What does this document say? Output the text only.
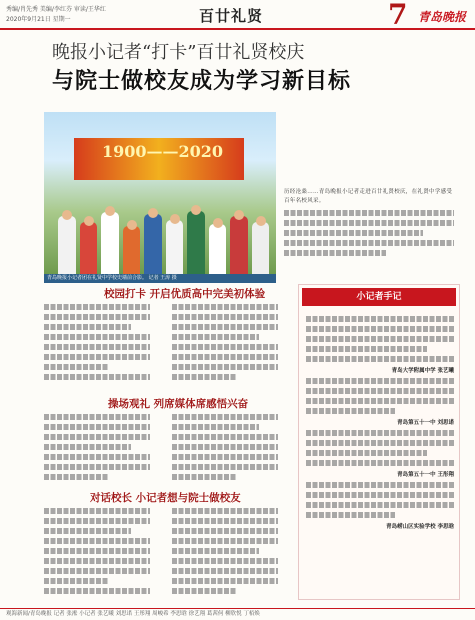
秀编/肖先秀 美编/李红芬 审读/王华红
2020年9月21日 星期一	百廿礼贤	7 青岛晚报
晚报小记者“打卡”百廿礼贤校庆
与院士做校友成为学习新目标
1900——2020
青岛晚报小记者团在礼贤中学校史墙前合影。 记者 王涛 摄
历经沧桑……青岛晚报小记者走进百廿礼贤校庆，在礼贤中学感受百年名校风采。
校园打卡 开启优质高中完美初体验
操场观礼 列席媒体席感悟兴奋
对话校长 小记者想与院士做校友
小记者手记
青岛大学附属中学 张艺曦
青岛第五十一中 刘思诺
青岛第五十一中 王彤翔
青岛崂山区实验学校 李思晗
观海新闻/青岛晚报 记者 张淞 小记者 张艺曦 刘思诺 王彤翔 周峻希 李思晗 徐艺翔 葛茜何 柳欣悦 丁栢焕
